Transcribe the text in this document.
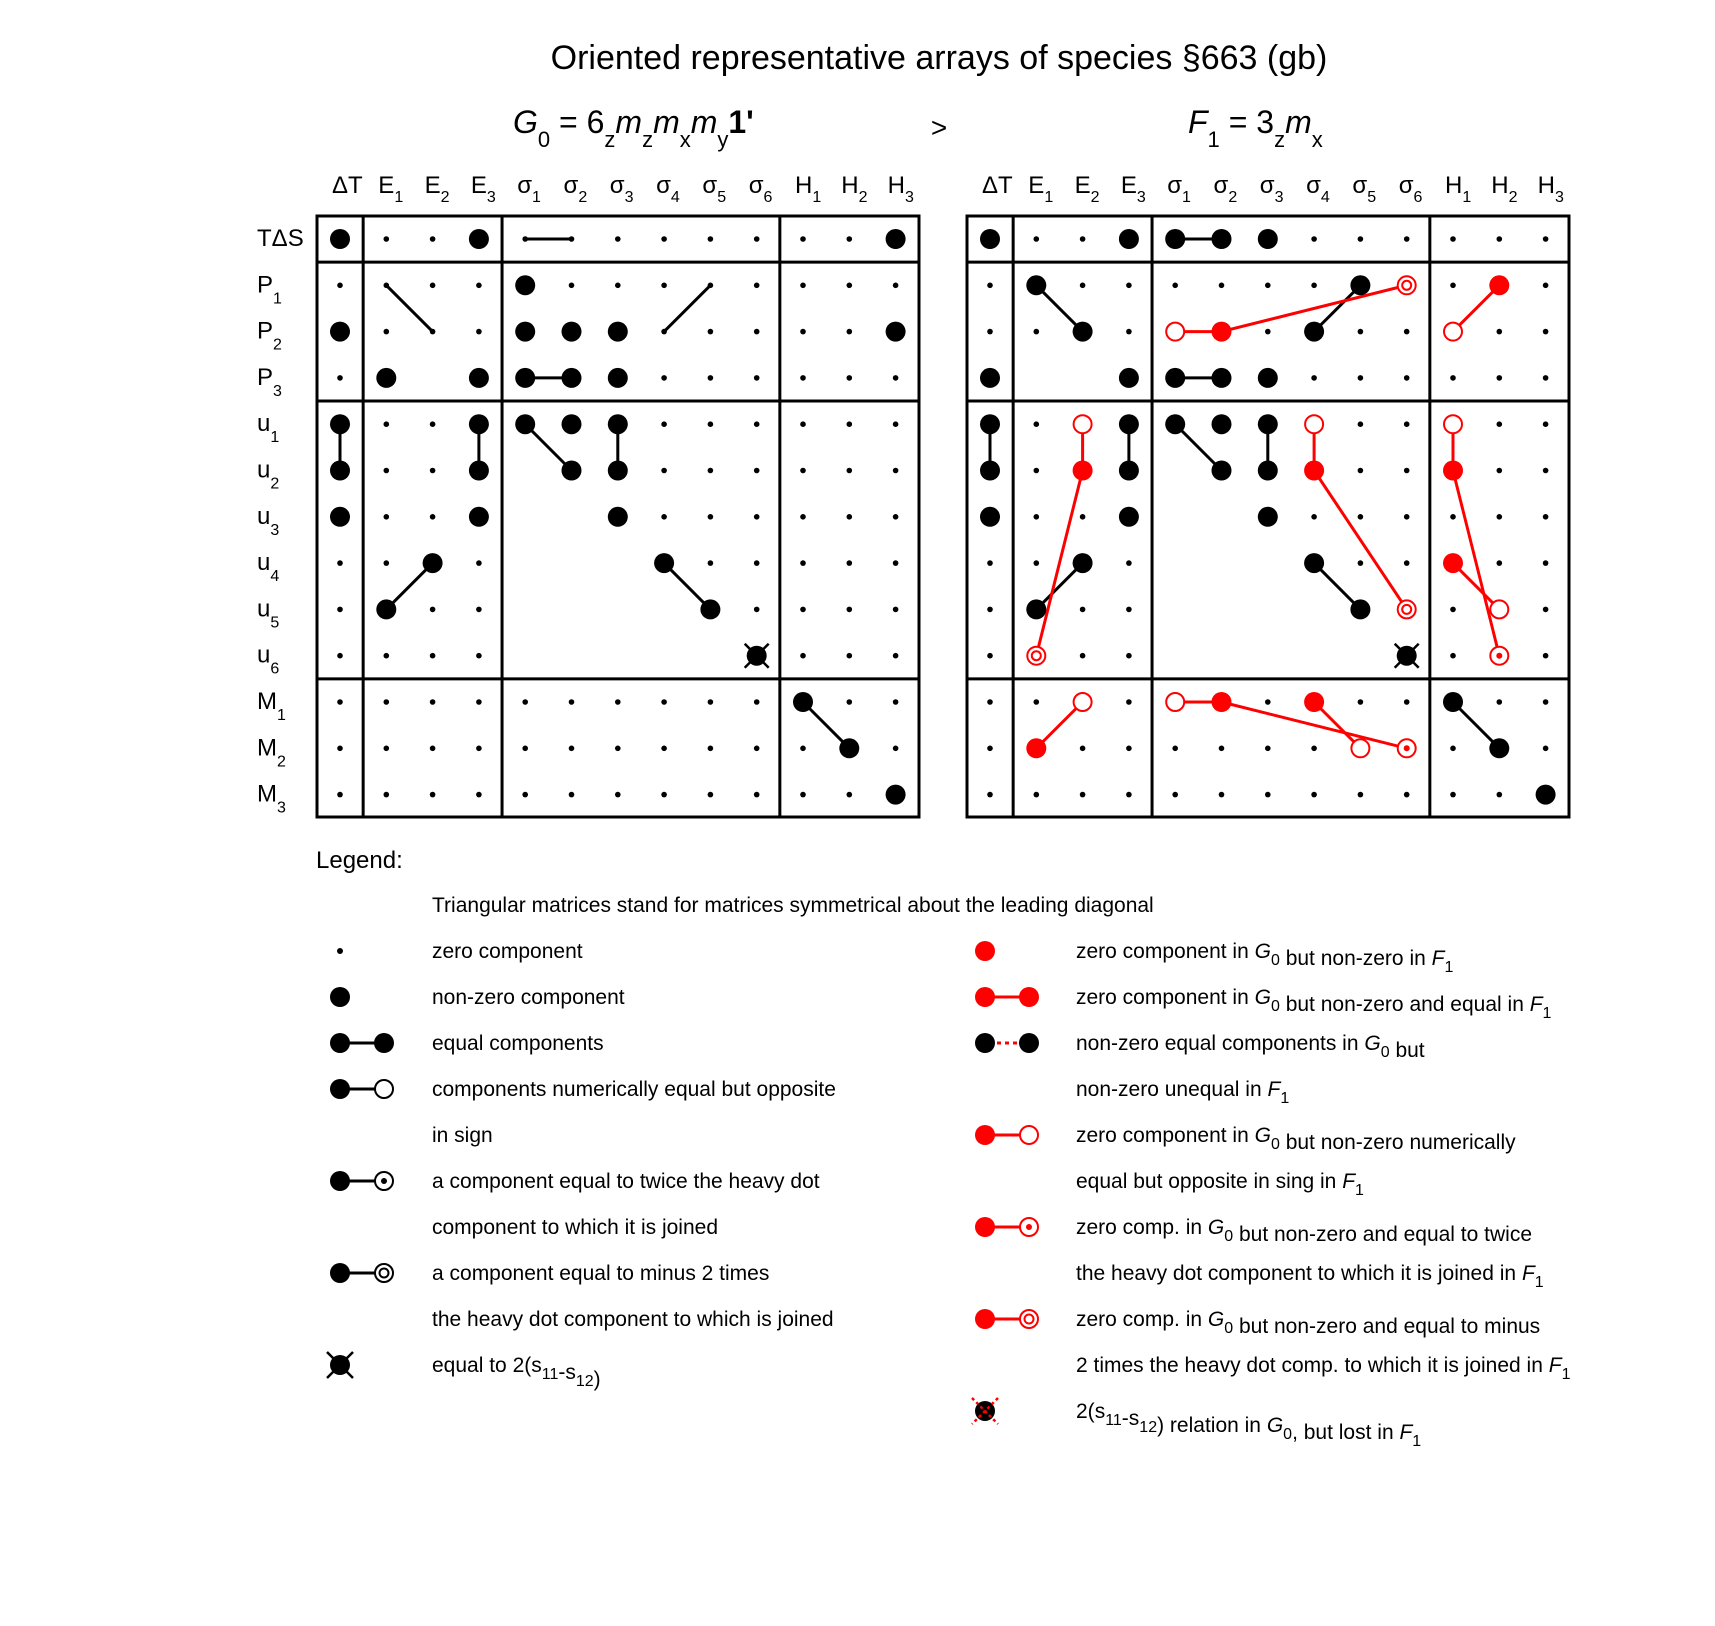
Oriented representative arrays of species §663 (gb)
$G_0 = 6_zm_zm_xm_y1'$	>	$F_1 = 3_zm_x$
ΔT $E_1$ $E_2$ $E_3$ $\sigma_1$ $\sigma_2$ $\sigma_3$ $\sigma_4$ $\sigma_5$ $\sigma_6$ $H_1$ $H_2$ $H_3$
TΔS
$P_1$
$P_2$
$P_3$
$u_1$
$u_2$
$u_3$
$u_4$
$u_5$
$u_6$
$M_1$
$M_2$
$M_3$
ΔT $E_1$ $E_2$ $E_3$ $\sigma_1$ $\sigma_2$ $\sigma_3$ $\sigma_4$ $\sigma_5$ $\sigma_6$ $H_1$ $H_2$ $H_3$
Legend:
Triangular matrices stand for matrices symmetrical about the leading diagonal
zero component
non-zero component
equal components
components numerically equal but opposite
in sign
a component equal to twice the heavy dot
component to which it is joined
a component equal to minus 2 times
the heavy dot component to which is joined
equal to $2(s_{11}-s_{12})$
zero component in $G_0$ but non-zero in $F_1$
zero component in $G_0$ but non-zero and equal in $F_1$
non-zero equal components in $G_0$ but
non-zero unequal in $F_1$
zero component in $G_0$ but non-zero numerically
equal but opposite in sing in $F_1$
zero comp. in $G_0$ but non-zero and equal to twice
the heavy dot component to which it is joined in $F_1$
zero comp. in $G_0$ but non-zero and equal to minus
2 times the heavy dot comp. to which it is joined in $F_1$
$2(s_{11}-s_{12})$ relation in $G_0$, but lost in $F_1$
